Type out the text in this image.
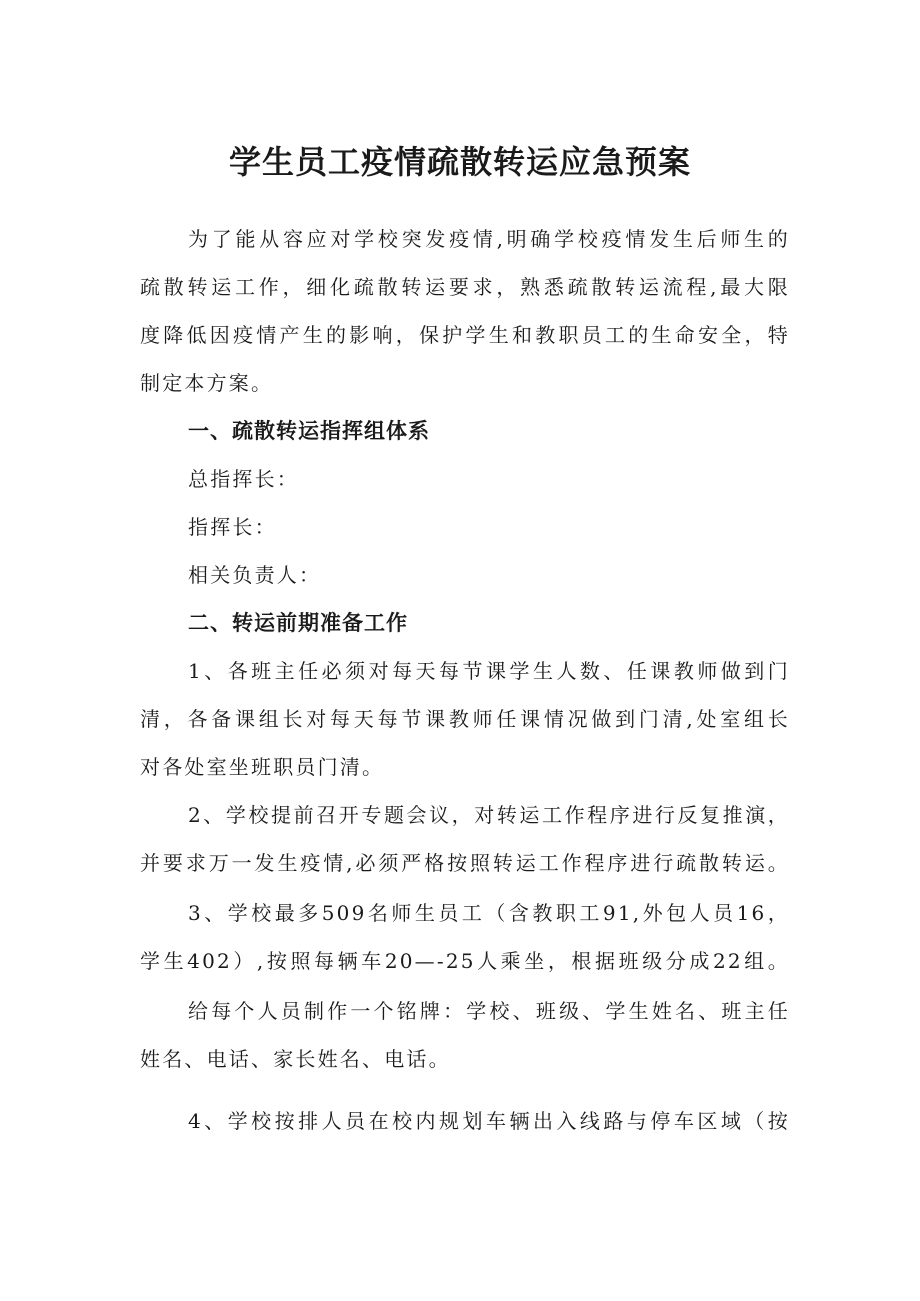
学生员工疫情疏散转运应急预案

为了能从容应对学校突发疫情,明确学校疫情发生后师生的

疏散转运工作，细化疏散转运要求，熟悉疏散转运流程,最大限

度降低因疫情产生的影响，保护学生和教职员工的生命安全，特

制定本方案。

一、疏散转运指挥组体系

总指挥长：

指挥长：

相关负责人：

二、转运前期准备工作

1、各班主任必须对每天每节课学生人数、任课教师做到门

清，各备课组长对每天每节课教师任课情况做到门清,处室组长

对各处室坐班职员门清。

2、学校提前召开专题会议，对转运工作程序进行反复推演，

并要求万一发生疫情,必须严格按照转运工作程序进行疏散转运。

3、学校最多509名师生员工（含教职工91,外包人员16，

学生402）,按照每辆车20—-25人乘坐，根据班级分成22组。

给每个人员制作一个铭牌：学校、班级、学生姓名、班主任

姓名、电话、家长姓名、电话。

4、学校按排人员在校内规划车辆出入线路与停车区域（按
